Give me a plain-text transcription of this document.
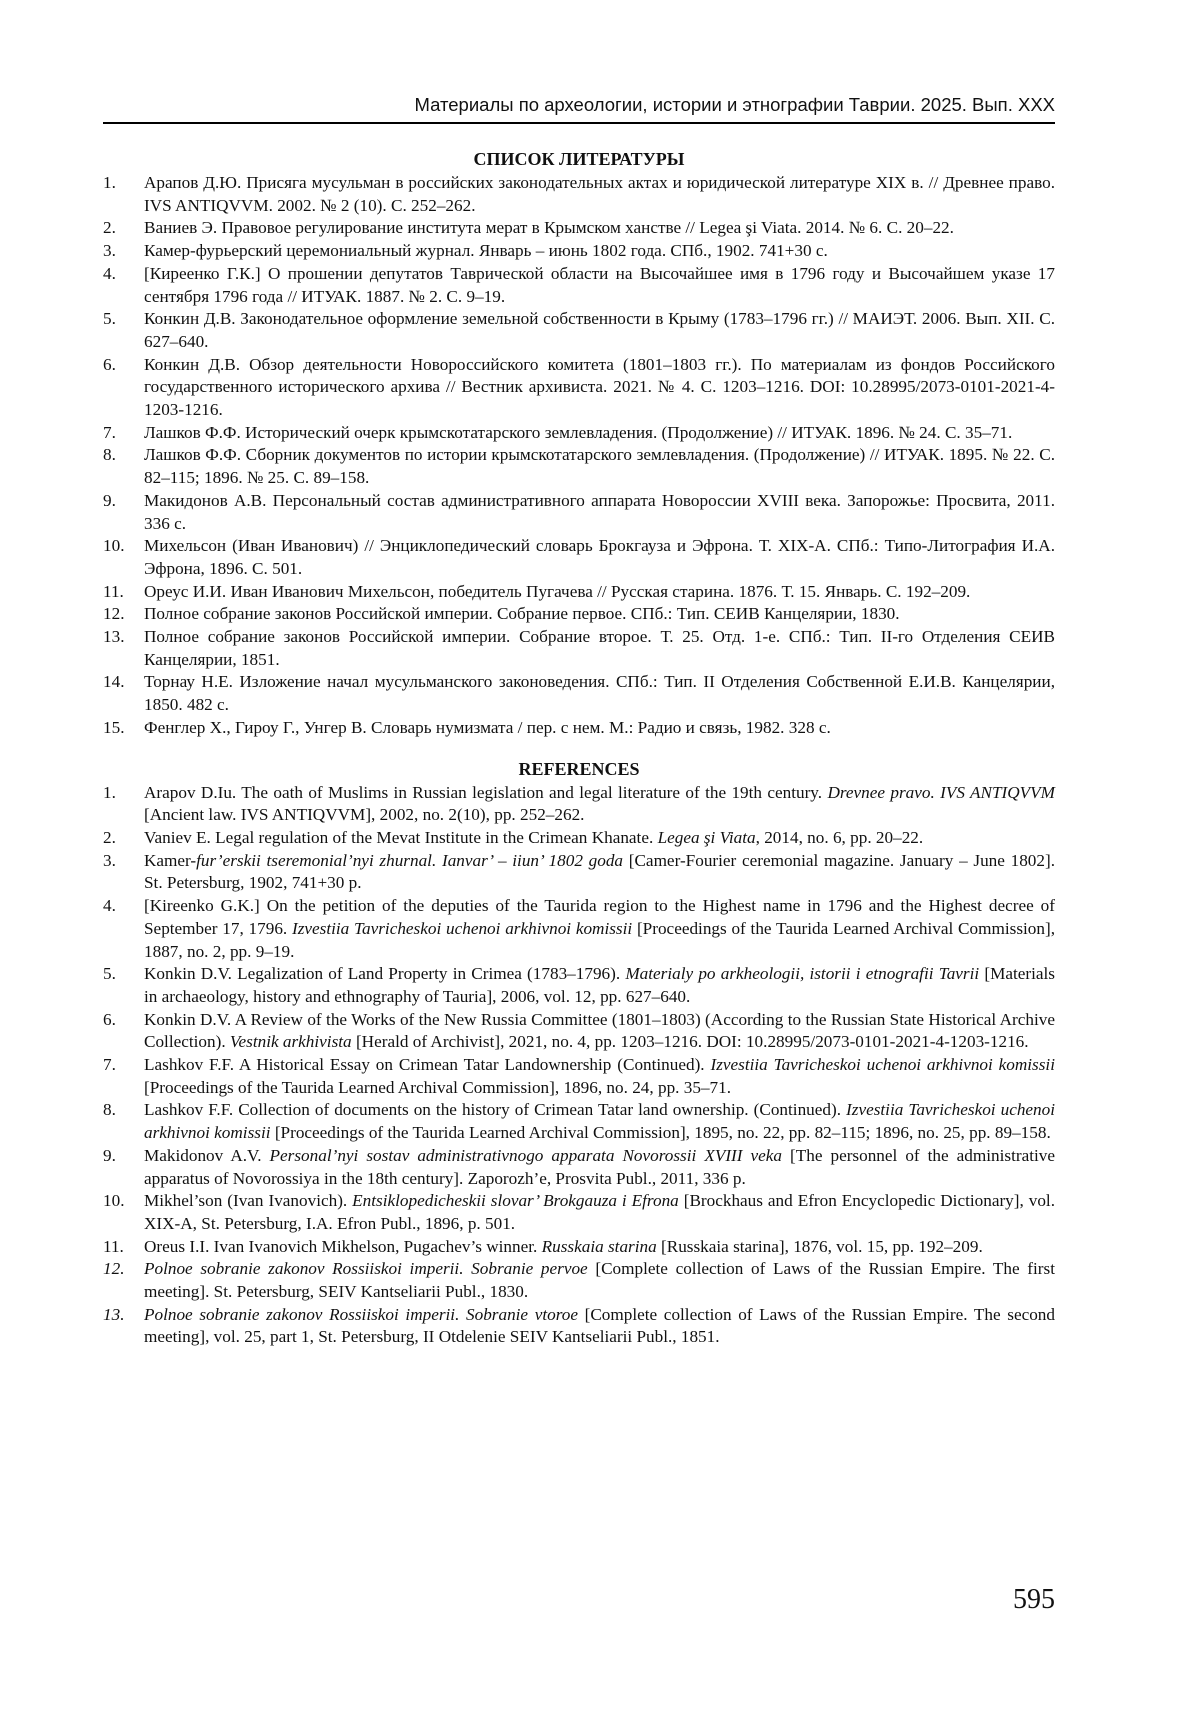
Материалы по археологии, истории и этнографии Таврии. 2025. Вып. XXX
СПИСОК ЛИТЕРАТУРЫ
1.	Арапов Д.Ю. Присяга мусульман в российских законодательных актах и юридической литературе XIX в. // Древнее право. IVS ANTIQVVM. 2002. № 2 (10). С. 252–262.
2.	Ваниев Э. Правовое регулирование института мерат в Крымском ханстве // Legea şi Viata. 2014. № 6. С. 20–22.
3.	Камер-фурьерский церемониальный журнал. Январь – июнь 1802 года. СПб., 1902. 741+30 с.
4.	[Киреенко Г.К.] О прошении депутатов Таврической области на Высочайшее имя в 1796 году и Высочайшем указе 17 сентября 1796 года // ИТУАК. 1887. № 2. С. 9–19.
5.	Конкин Д.В. Законодательное оформление земельной собственности в Крыму (1783–1796 гг.) // МАИЭТ. 2006. Вып. XII. С. 627–640.
6.	Конкин Д.В. Обзор деятельности Новороссийского комитета (1801–1803 гг.). По материалам из фондов Российского государственного исторического архива // Вестник архивиста. 2021. № 4. С. 1203–1216. DOI: 10.28995/2073-0101-2021-4-1203-1216.
7.	Лашков Ф.Ф. Исторический очерк крымскотатарского землевладения. (Продолжение) // ИТУАК. 1896. № 24. С. 35–71.
8.	Лашков Ф.Ф. Сборник документов по истории крымскотатарского землевладения. (Продолжение) // ИТУАК. 1895. № 22. С. 82–115; 1896. № 25. С. 89–158.
9.	Макидонов А.В. Персональный состав административного аппарата Новороссии XVIII века. Запорожье: Просвита, 2011. 336 с.
10.	Михельсон (Иван Иванович) // Энциклопедический словарь Брокгауза и Эфрона. Т. XIX-А. СПб.: Типо-Литография И.А. Эфрона, 1896. С. 501.
11.	Ореус И.И. Иван Иванович Михельсон, победитель Пугачева // Русская старина. 1876. Т. 15. Январь. С. 192–209.
12.	Полное собрание законов Российской империи. Собрание первое. СПб.: Тип. СЕИВ Канцелярии, 1830.
13.	Полное собрание законов Российской империи. Собрание второе. Т. 25. Отд. 1-е. СПб.: Тип. II-го Отделения СЕИВ Канцелярии, 1851.
14.	Торнау Н.Е. Изложение начал мусульманского законоведения. СПб.: Тип. II Отделения Собственной Е.И.В. Канцелярии, 1850. 482 с.
15.	Фенглер Х., Гироу Г., Унгер В. Словарь нумизмата / пер. с нем. М.: Радио и связь, 1982. 328 с.
REFERENCES
1.	Arapov D.Iu. The oath of Muslims in Russian legislation and legal literature of the 19th century. Drevnee pravo. IVS ANTIQVVM [Ancient law. IVS ANTIQVVM], 2002, no. 2(10), pp. 252–262.
2.	Vaniev E. Legal regulation of the Mevat Institute in the Crimean Khanate. Legea şi Viata, 2014, no. 6, pp. 20–22.
3.	Kamer-fur’erskii tseremonial’nyi zhurnal. Ianvar’ – iiun’ 1802 goda [Camer-Fourier ceremonial magazine. January – June 1802]. St. Petersburg, 1902, 741+30 p.
4.	[Kireenko G.K.] On the petition of the deputies of the Taurida region to the Highest name in 1796 and the Highest decree of September 17, 1796. Izvestiia Tavricheskoi uchenoi arkhivnoi komissii [Proceedings of the Taurida Learned Archival Commission], 1887, no. 2, pp. 9–19.
5.	Konkin D.V. Legalization of Land Property in Crimea (1783–1796). Materialy po arkheologii, istorii i etnografii Tavrii [Materials in archaeology, history and ethnography of Tauria], 2006, vol. 12, pp. 627–640.
6.	Konkin D.V. A Review of the Works of the New Russia Committee (1801–1803) (According to the Russian State Historical Archive Collection). Vestnik arkhivista [Herald of Archivist], 2021, no. 4, pp. 1203–1216. DOI: 10.28995/2073-0101-2021-4-1203-1216.
7.	Lashkov F.F. A Historical Essay on Crimean Tatar Landownership (Continued). Izvestiia Tavricheskoi uchenoi arkhivnoi komissii [Proceedings of the Taurida Learned Archival Commission], 1896, no. 24, pp. 35–71.
8.	Lashkov F.F. Collection of documents on the history of Crimean Tatar land ownership. (Continued). Izvestiia Tavricheskoi uchenoi arkhivnoi komissii [Proceedings of the Taurida Learned Archival Commission], 1895, no. 22, pp. 82–115; 1896, no. 25, pp. 89–158.
9.	Makidonov A.V. Personal’nyi sostav administrativnogo apparata Novorossii XVIII veka [The personnel of the administrative apparatus of Novorossiya in the 18th century]. Zaporozh’e, Prosvita Publ., 2011, 336 p.
10.	Mikhel’son (Ivan Ivanovich). Entsiklopedicheskii slovar’ Brokgauza i Efrona [Brockhaus and Efron Encyclopedic Dictionary], vol. XIX-A, St. Petersburg, I.A. Efron Publ., 1896, p. 501.
11.	Oreus I.I. Ivan Ivanovich Mikhelson, Pugachev’s winner. Russkaia starina [Russkaia starina], 1876, vol. 15, pp. 192–209.
12.	Polnoe sobranie zakonov Rossiiskoi imperii. Sobranie pervoe [Complete collection of Laws of the Russian Empire. The first meeting]. St. Petersburg, SEIV Kantseliarii Publ., 1830.
13.	Polnoe sobranie zakonov Rossiiskoi imperii. Sobranie vtoroe [Complete collection of Laws of the Russian Empire. The second meeting], vol. 25, part 1, St. Petersburg, II Otdelenie SEIV Kantseliarii Publ., 1851.
595
